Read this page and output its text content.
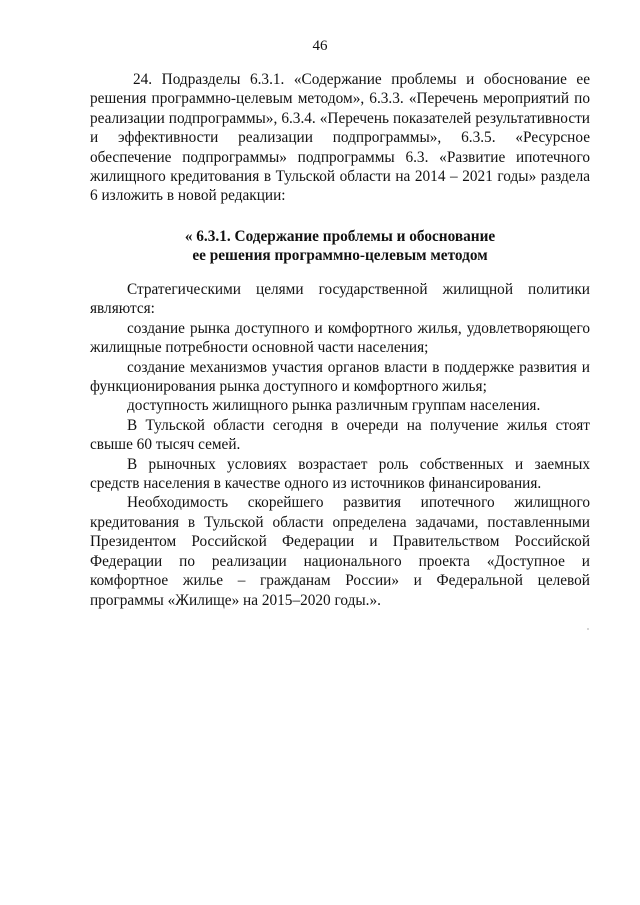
46
24. Подразделы 6.3.1. «Содержание проблемы и обоснование ее решения программно-целевым методом», 6.3.3. «Перечень мероприятий по реализации подпрограммы», 6.3.4. «Перечень показателей результативности и эффективности реализации подпрограммы», 6.3.5. «Ресурсное обеспечение подпрограммы» подпрограммы 6.3. «Развитие ипотечного жилищного кредитования в Тульской области на 2014 – 2021 годы» раздела 6 изложить в новой редакции:
« 6.3.1. Содержание проблемы и обоснование
ее решения программно-целевым методом

Стратегическими целями государственной жилищной политики являются:

создание рынка доступного и комфортного жилья, удовлетворяющего жилищные потребности основной части населения;

создание механизмов участия органов власти в поддержке развития и функционирования рынка доступного и комфортного жилья;

доступность жилищного рынка различным группам населения.

В Тульской области сегодня в очереди на получение жилья стоят свыше 60 тысяч семей.

В рыночных условиях возрастает роль собственных и заемных средств населения в качестве одного из источников финансирования.

Необходимость скорейшего развития ипотечного жилищного кредитования в Тульской области определена задачами, поставленными Президентом Российской Федерации и Правительством Российской Федерации по реализации национального проекта «Доступное и комфортное жилье – гражданам России» и Федеральной целевой программы «Жилище» на 2015–2020 годы.».
